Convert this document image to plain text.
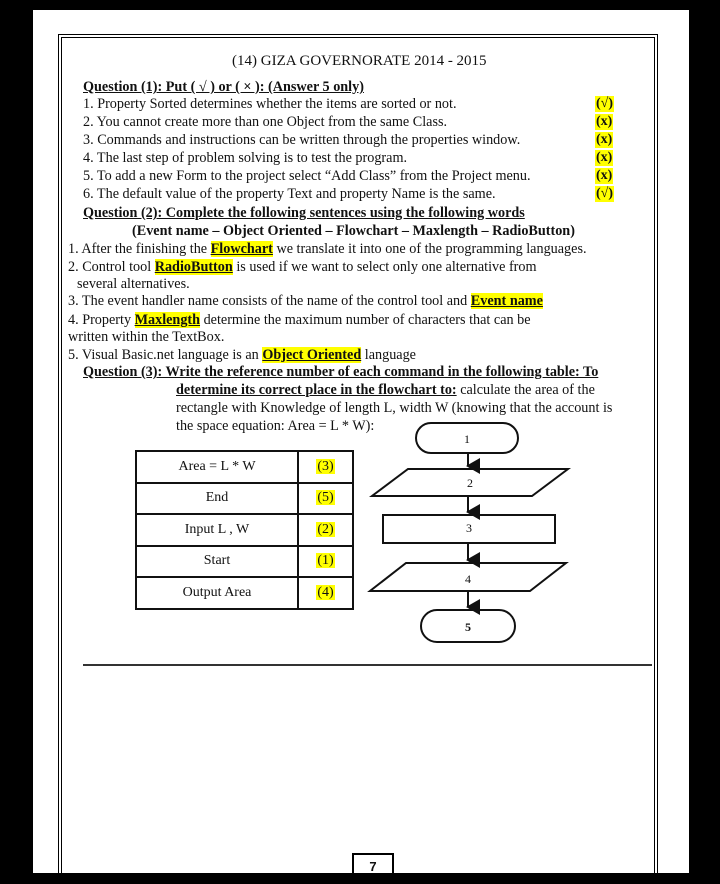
(14) GIZA GOVERNORATE 2014 - 2015
Question (1): Put ( √ ) or ( × ): (Answer 5 only)
1. Property Sorted determines whether the items are sorted or not.	(√)
2. You cannot create more than one Object from the same Class.	(x)
3. Commands and instructions can be written through the properties window.	(x)
4. The last step of problem solving is to test the program.	(x)
5. To add a new Form to the project select “Add Class” from the Project menu.	(x)
6. The default value of the property Text and property Name is the same.	(√)
Question (2): Complete the following sentences using the following words
(Event name – Object Oriented – Flowchart – Maxlength – RadioButton)
1. After the finishing the Flowchart we translate it into one of the programming languages.
2. Control tool RadioButton is used if we want to select only one alternative from
several alternatives.
3. The event handler name consists of the name of the control tool and Event name
4. Property Maxlength determine the maximum number of characters that can be
written within the TextBox.
5. Visual Basic.net language is an Object Oriented language
Question (3): Write the reference number of each command in the following table: To
determine its correct place in the flowchart to: calculate the area of the
rectangle with Knowledge of length L, width W (knowing that the account is
the space equation: Area = L * W):
Area = L * W	(3)
End	(5)
Input L , W	(2)
Start	(1)
Output Area	(4)
1
2
3
4
5
7
